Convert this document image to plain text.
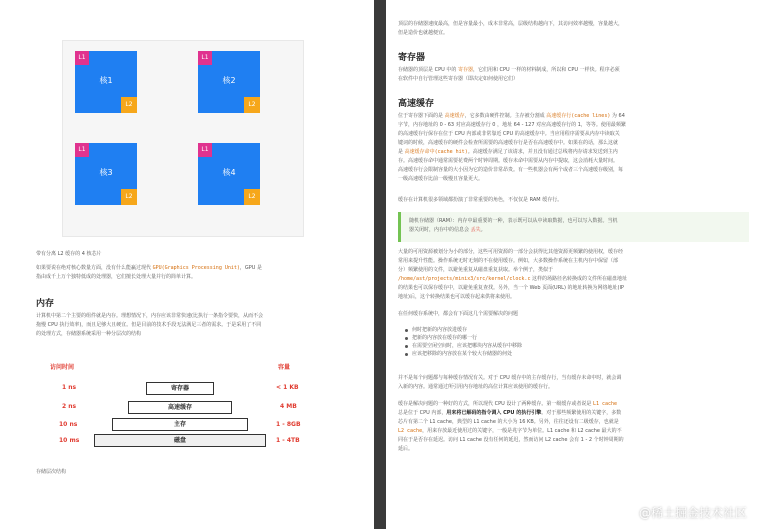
L1
核1
L2
L1
核2
L2
L1
核3
L2
L1
核4
L2

带有分离 L2 缓存的 4 核芯片

如果要说在绝对核心数量方面，没有什么能赢过现代 GPU(Graphics Processing Unit)，GPU 是

指由成千上万个独特低成的处理器，它们擅长处理大量并行的简单计算。

内存

计算机中第二个主要的组件就是内存。理想情况下，内存应该非常快速(比执行一条指令要快，从而不会

拖慢 CPU 执行效率)，而且足够大且硬宜。但是目前的技术手段无法满足三者的需求。于是采用了不同

的处理方式，存储器系统采用一种分层次的结构

访问时间	容量
1 ns
2 ns
10 ns
10 ms
寄存器
高速缓存
主存
磁盘
< 1 KB
4 MB
1 - 8GB
1 - 4TB

存储层次结构

顶层的存储器速度最高，但是容量最小，成本非常高，层级结构越向下，其访问效率越慢，容量越大，

但是造价也就越便宜。

寄存器

存储器的顶层是 CPU 中的 寄存器，它们用和 CPU 一样的材料制成，所以和 CPU 一样快。程序必须

在软件中自行管理这些寄存器（即决定如何使用它们）

高速缓存

位于寄存器下面的是 高速缓存，它多数由硬件控制。主存被分割成 高速缓存行(cache lines) 为 64

字节，内存地址的 0 - 63 对应高速缓存行 0 ，地址 64 - 127 对应高速缓存行的 1，等等。使用最频繁

的高速缓存行保存在位于 CPU 内部或非常靠近 CPU 的高速缓存中。当应用程序需要从内存中读取关

键词的时候，高速缓存的硬件会检查所需要的高速缓存行是否在高速缓存中。如果在的话，那么这就

是 高速缓存命中(cache hit)。高速缓存满足了该请求，并且没有通过总线将内存请求发送到主内

存。高速缓存命中通常需要花费两个时钟周期。缓存未命中需要从内存中提取，这会消耗大量时间。

高速缓存行会限制容量的大小因为它的造价非常昂贵。有一些机器会有两个或者三个高速缓存级别，每

一级高速缓存比前一级慢且容量更大。

缓存在计算机很多领域都扮演了非常重要的角色，不仅仅是 RAM 缓存行。

随机存储器（RAM）：内存中最重要的一种，表示既可以从中读取数据，也可以写入数据。当机

器关闭时，内存中的信息会 丢失。

大量的可用资源被划分为小的部分，这些可用资源的一部分会获得比其他资源更频繁的使用权，缓存经

常用来提升性能。操作系统无时无刻的不在使用缓存。例如，大多数操作系统在主机内存中保留（部

分）频繁使用的文件，以避免重复从磁盘重复获取。举个例子，类似于

/home/ast/projects/minix3/src/kernel/clock.c 这样的场路径名转换成的文件所在磁盘地址

的结果也可以保存缓存中，以避免重复查找。另外，当一个 Web 页面(URL) 的地址转换为网络地址(IP

地址)后，这个转换结果也可以缓存起来供将来使用。

在任何缓存系统中，都会有下面这几个需要解决的问题

何时把新的内容放进缓存
把新的内容放在缓存的哪一行
在需要空闲空间时，应该把哪块内容从缓存中移除
应该把移除的内容放在某个较大存储器的何处

并不是每个问题都与每种缓存情况有关。对于 CPU 缓存中的主存缓存行，当有缓存未命中时，就会调

入新的内容。通常通过所引用内存地址的高位计算应该使用的缓存行。

缓存是解决问题的一种好的方式，所以现代 CPU 设计了两种缓存。第一级缓存或者说是 L1 cache

总是位于 CPU 内部，用来将已解码的指令调入 CPU 的执行引擎。对于那些频繁使用的关键字，多数

芯片有第二个 L1 cache，典型的 L1 cache 的大小为 16 KB。另外，往往还设有二级缓存，也就是

L2 cache，用来存放最近使用过的关键字，一般是兆字节为单位。L1 cache 和 L2 cache 最大的不

同在于是否存在延迟。访问 L1 cache 没有任何的延迟，然而访问 L2 cache 会有 1 - 2 个时钟周期的

延后。

@稀土掘金技术社区
